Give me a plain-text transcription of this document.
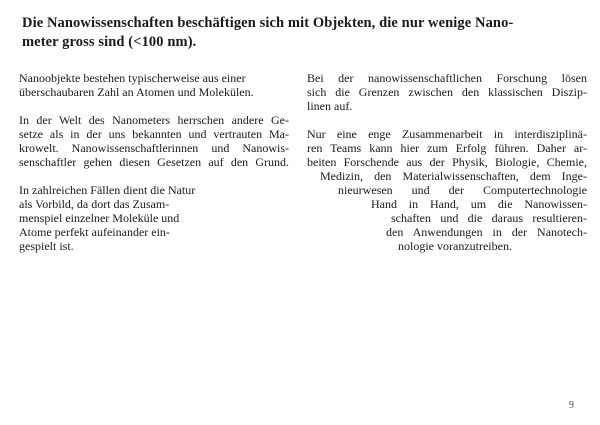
Die Nanowissenschaften beschäftigen sich mit Objekten, die nur wenige Nano-
meter gross sind (<100 nm).
Nanoobjekte bestehen typischerweise aus einer
überschaubaren Zahl an Atomen und Molekülen.
In der Welt des Nanometers herrschen andere Ge-
setze als in der uns bekannten und vertrauten Ma-
krowelt. Nanowissenschaftlerinnen und Nanowis-
senschaftler gehen diesen Gesetzen auf den Grund.
In zahlreichen Fällen dient die Natur
als Vorbild, da dort das Zusam-
menspiel einzelner Moleküle und
Atome perfekt aufeinander ein-
gespielt ist.
Bei der nanowissenschaftlichen Forschung lösen
sich die Grenzen zwischen den klassischen Diszip-
linen auf.
Nur eine enge Zusammenarbeit in interdisziplinä-
ren Teams kann hier zum Erfolg führen. Daher ar-
beiten Forschende aus der Physik, Biologie, Chemie,
Medizin, den Materialwissenschaften, dem Inge-
nieurwesen und der Computertechnologie
Hand in Hand, um die Nanowissen-
schaften und die daraus resultieren-
den Anwendungen in der Nanotech-
nologie voranzutreiben.
9
